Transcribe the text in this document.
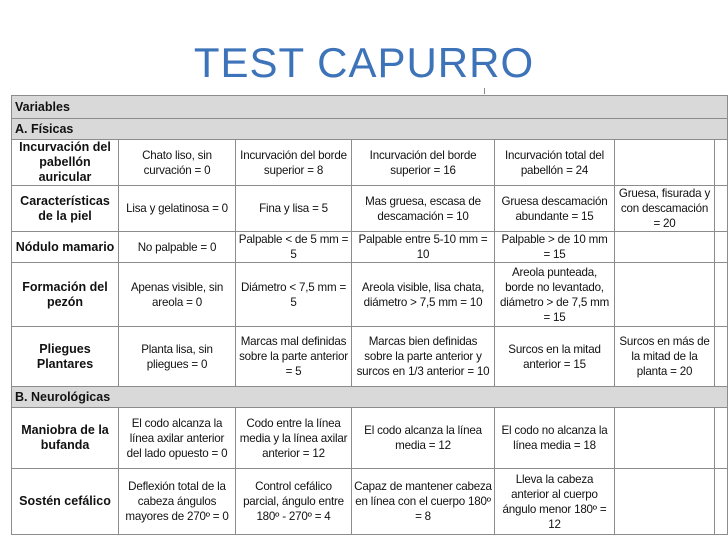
TEST CAPURRO
Variables						
A. Físicas						
Incurvación del pabellón auricular	Chato liso, sin curvación = 0	Incurvación del borde superior = 8	Incurvación del borde superior = 16	Incurvación total del pabellón = 24		
Características de la piel	Lisa y gelatinosa = 0	Fina y lisa = 5	Mas gruesa, escasa de descamación = 10	Gruesa descamación abundante = 15	Gruesa, fisurada y con descamación = 20	
Nódulo mamario	No palpable = 0	Palpable < de 5 mm = 5	Palpable entre 5-10 mm = 10	Palpable > de 10 mm = 15		
Formación del pezón	Apenas visible, sin areola = 0	Diámetro < 7,5 mm = 5	Areola visible, lisa chata, diámetro > 7,5 mm = 10	Areola punteada, borde no levantado, diámetro > de 7,5 mm = 15		
Pliegues Plantares	Planta lisa, sin pliegues = 0	Marcas mal definidas sobre la parte anterior = 5	Marcas bien definidas sobre la parte anterior y surcos en 1/3 anterior = 10	Surcos en la mitad anterior = 15	Surcos en más de la mitad de la planta = 20	
B. Neurológicas						
Maniobra de la bufanda	El codo alcanza la línea axilar anterior del lado opuesto = 0	Codo entre la línea media y la línea axilar anterior = 12	El codo alcanza la línea media = 12	El codo no alcanza la línea media = 18		
Sostén cefálico	Deflexión total de la cabeza ángulos mayores de 270º = 0	Control cefálico parcial, ángulo entre 180º - 270º = 4	Capaz de mantener cabeza en línea con el cuerpo 180º = 8	Lleva la cabeza anterior al cuerpo ángulo menor 180º = 12		
